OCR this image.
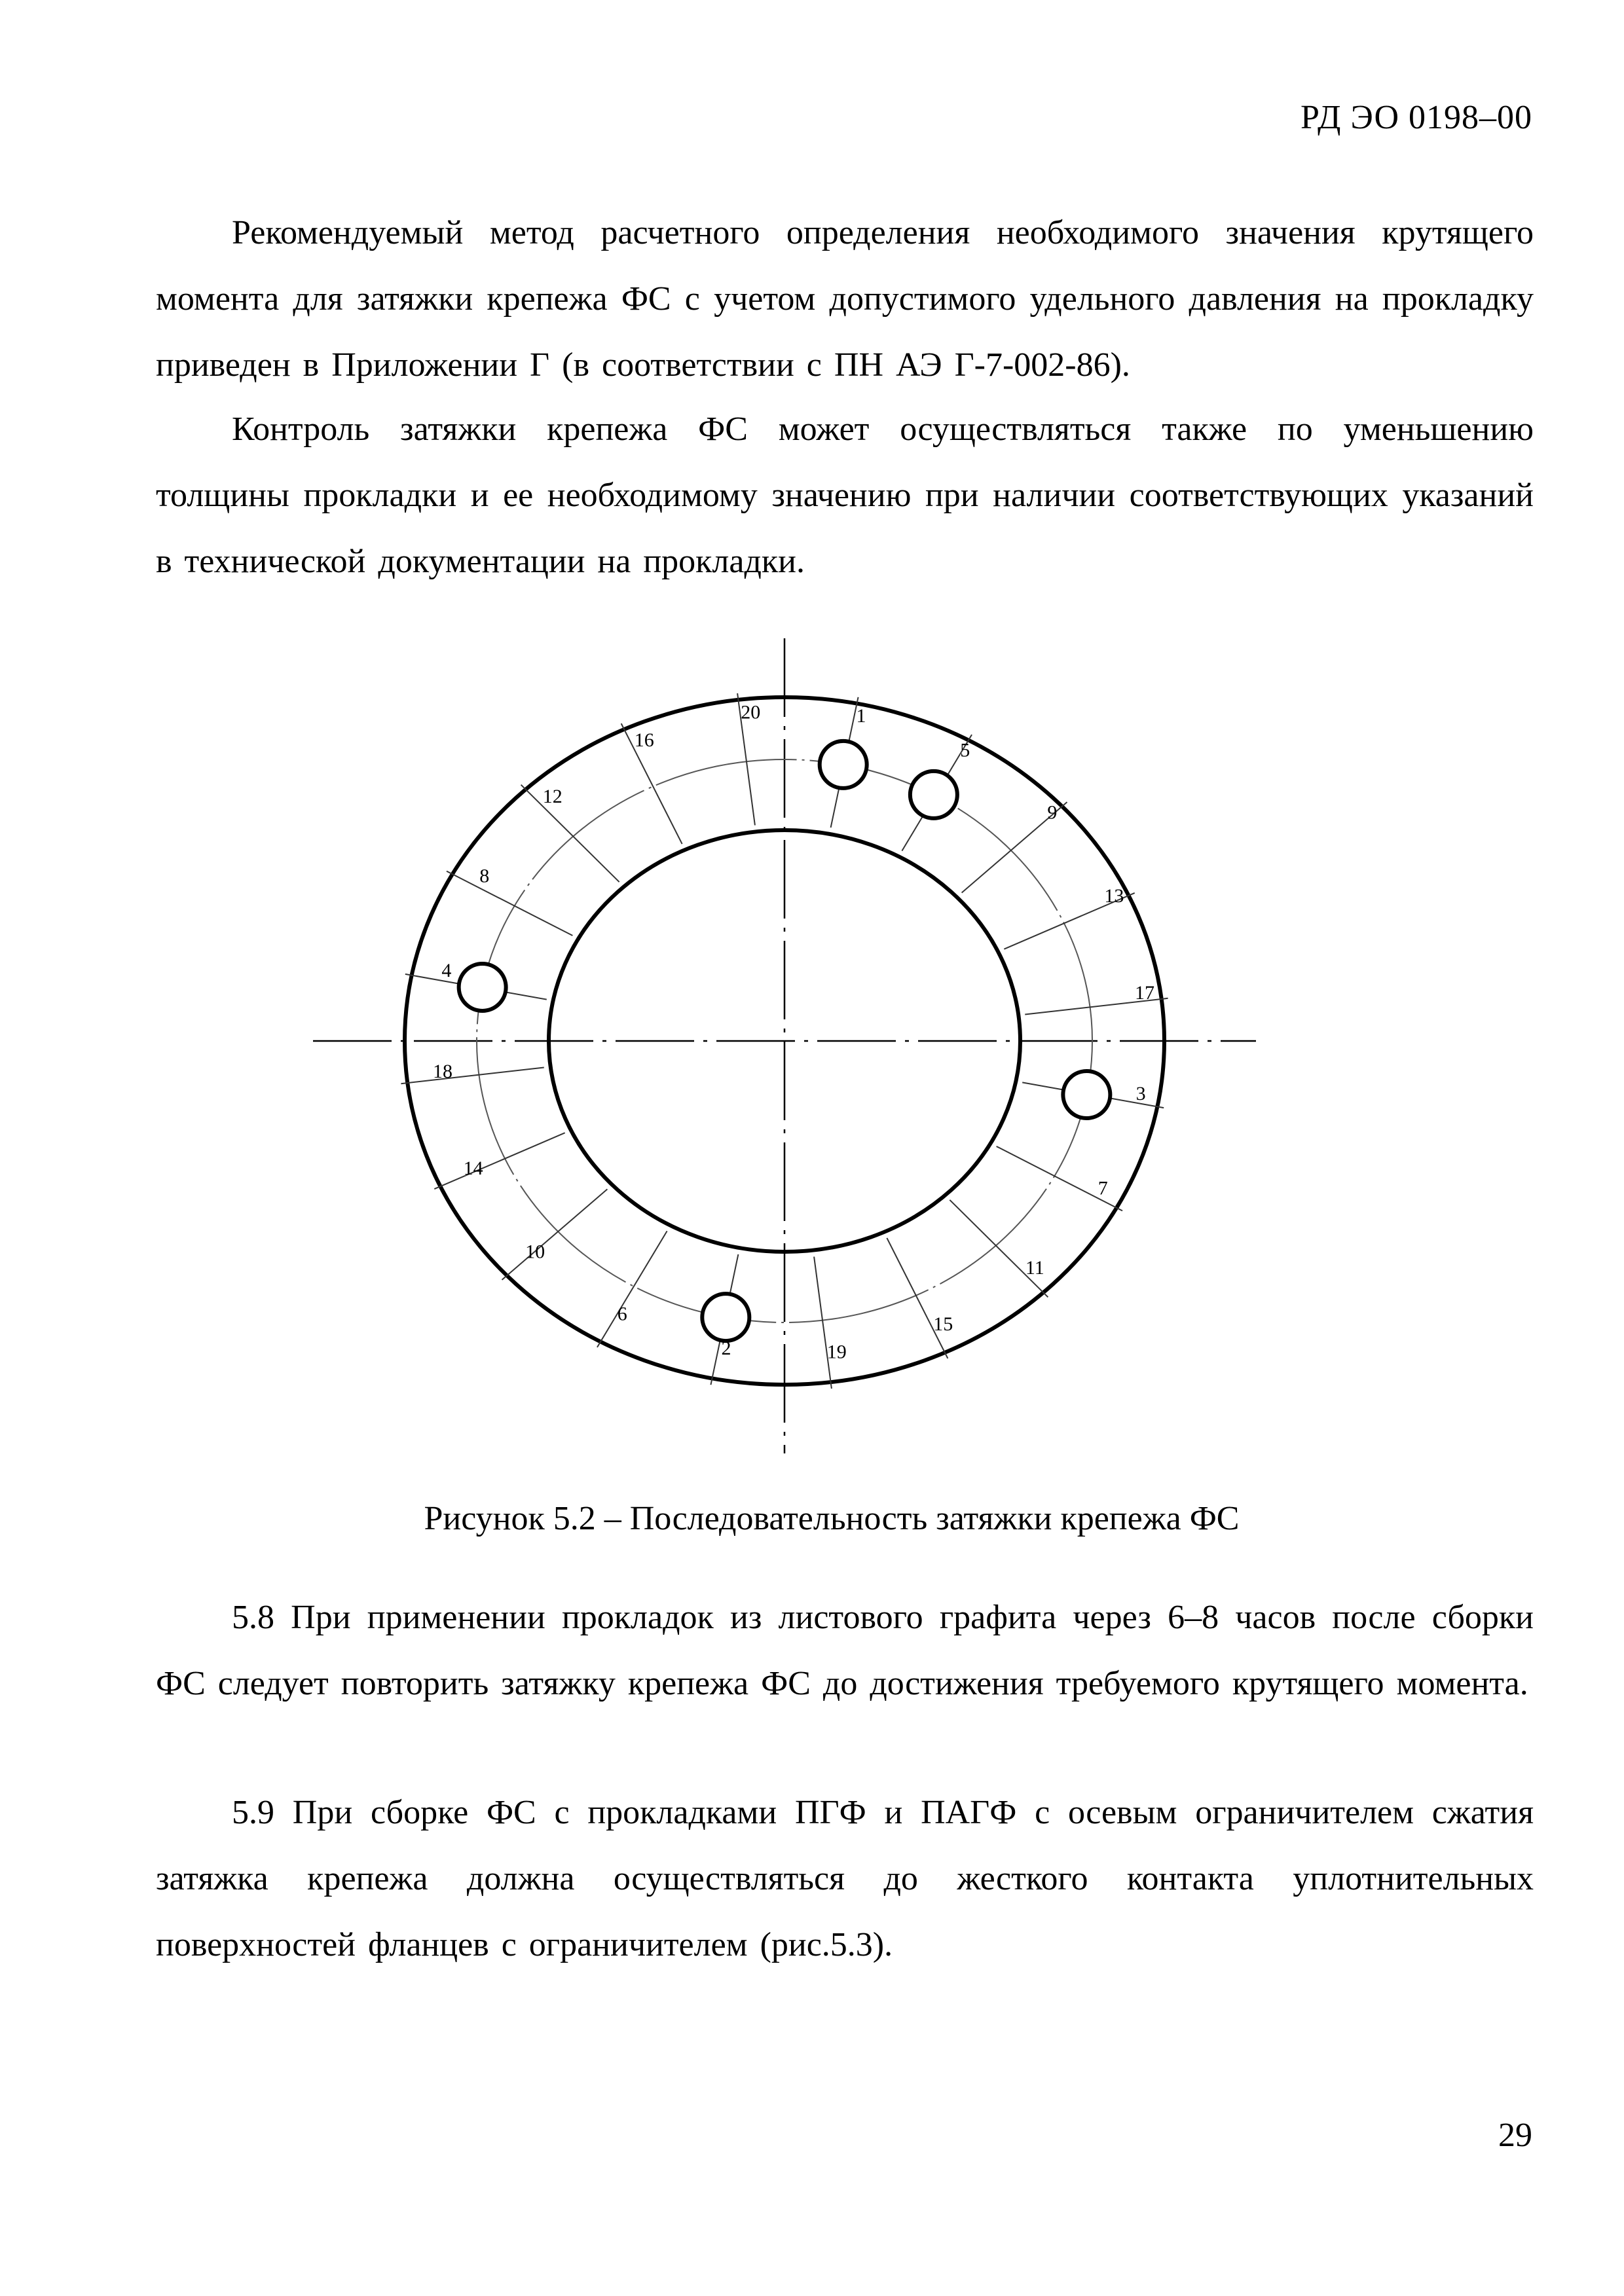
РД ЭО 0198–00

Рекомендуемый метод расчетного определения необходимого значения крутящего момента для затяжки крепежа ФС с учетом допустимого удельного давления на прокладку приведен в Приложении Г (в соответствии с ПН АЭ Г-7-002-86).

Контроль затяжки крепежа ФС может осуществляться также по уменьшению толщины прокладки и ее необходимому значению при наличии соответствующих указаний в технической документации на прокладки.

1
2
3
4
5
6
7
8
9
10
11
12
13
14
15
16
17
18
19
20
Рисунок 5.2 – Последовательность затяжки крепежа ФС

5.8 При применении прокладок из листового графита через 6–8 часов после сборки ФС следует повторить затяжку крепежа ФС до достижения требуемого крутящего момента.

5.9 При сборке ФС с прокладками ПГФ и ПАГФ с осевым ограничителем сжатия затяжка крепежа должна осуществляться до жесткого контакта уплотнительных поверхностей фланцев с ограничителем (рис.5.3).

29
